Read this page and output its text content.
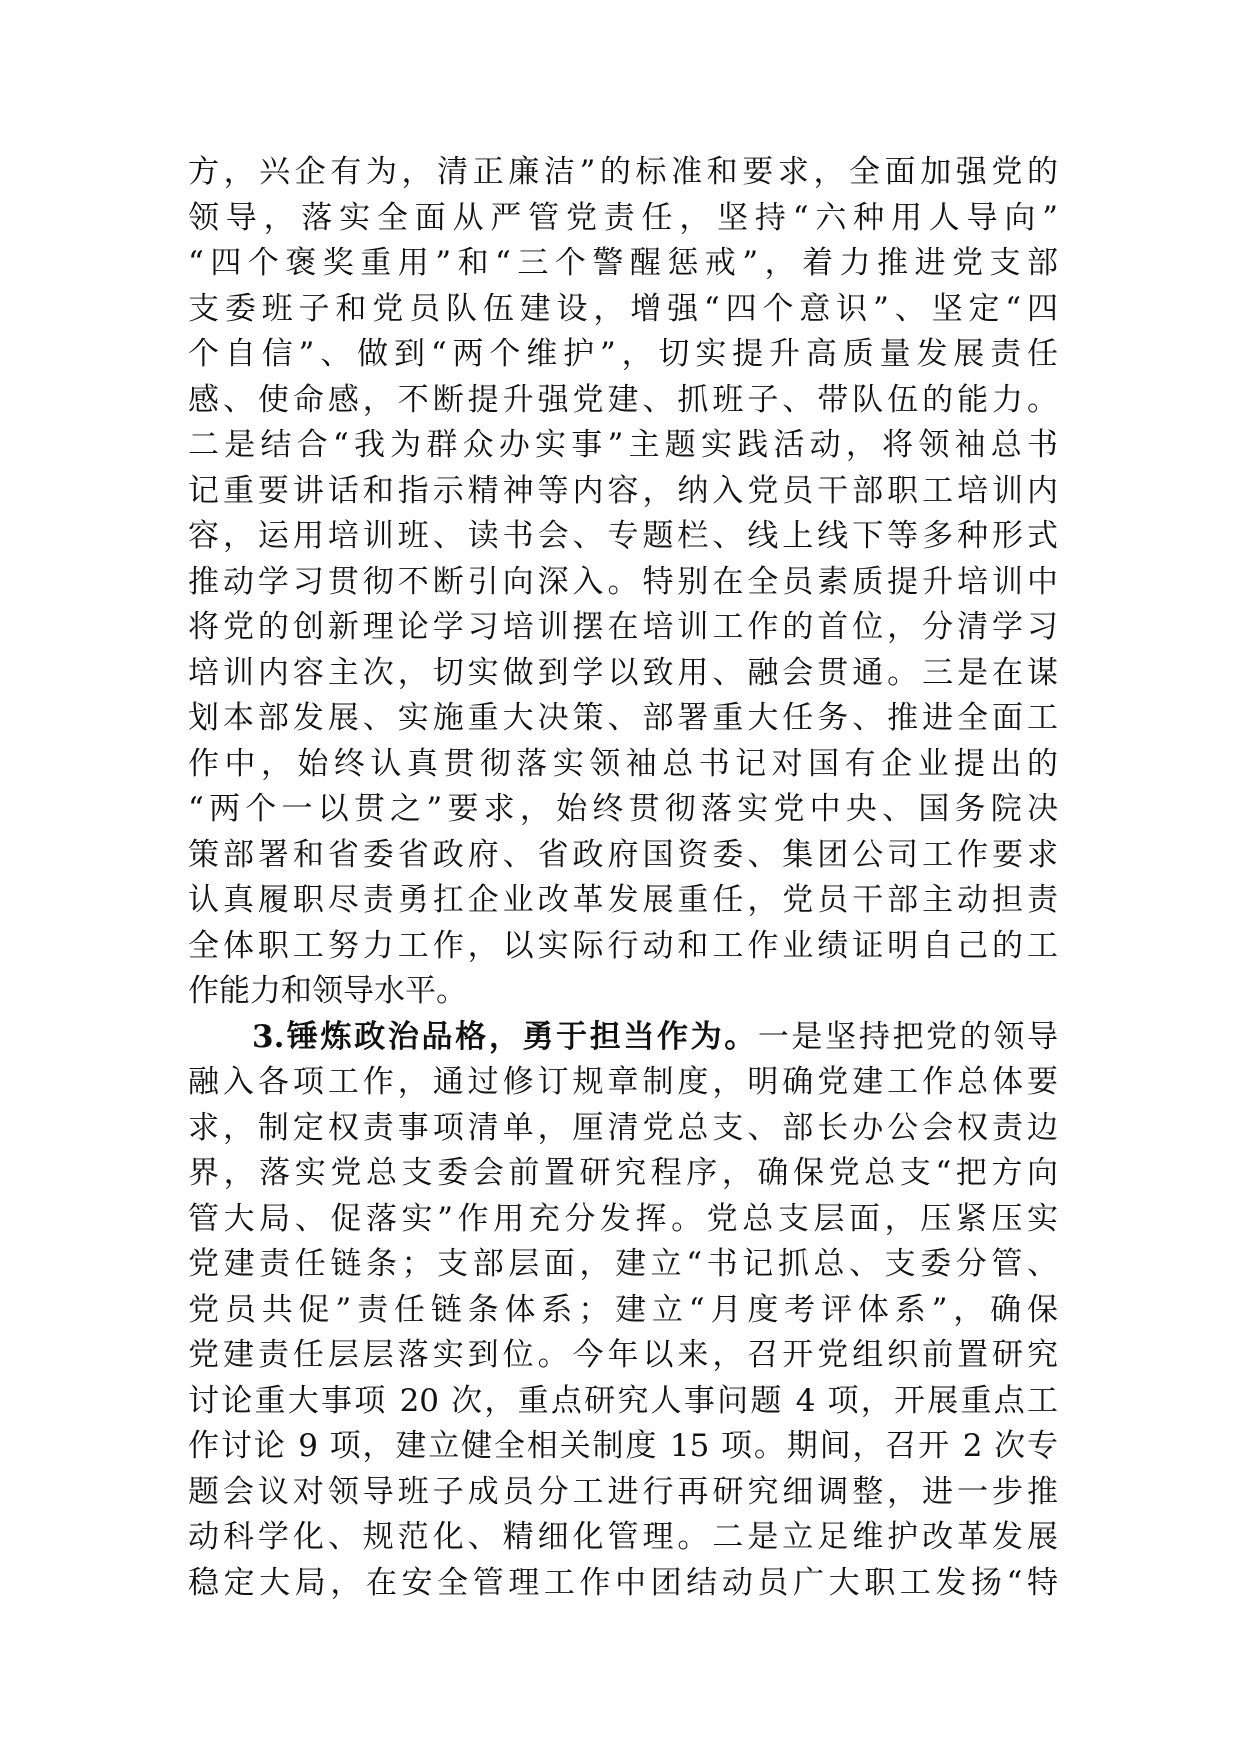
方，兴企有为，清正廉洁”的标准和要求，全面加强党的
领导，落实全面从严管党责任，坚持“六种用人导向”
“四个褒奖重用”和“三个警醒惩戒”，着力推进党支部
支委班子和党员队伍建设，增强“四个意识”、坚定“四
个自信”、做到“两个维护”，切实提升高质量发展责任
感、使命感，不断提升强党建、抓班子、带队伍的能力。
二是结合“我为群众办实事”主题实践活动，将领袖总书
记重要讲话和指示精神等内容，纳入党员干部职工培训内
容，运用培训班、读书会、专题栏、线上线下等多种形式
推动学习贯彻不断引向深入。特别在全员素质提升培训中
将党的创新理论学习培训摆在培训工作的首位，分清学习
培训内容主次，切实做到学以致用、融会贯通。三是在谋
划本部发展、实施重大决策、部署重大任务、推进全面工
作中，始终认真贯彻落实领袖总书记对国有企业提出的
“两个一以贯之”要求，始终贯彻落实党中央、国务院决
策部署和省委省政府、省政府国资委、集团公司工作要求
认真履职尽责勇扛企业改革发展重任，党员干部主动担责
全体职工努力工作，以实际行动和工作业绩证明自己的工
作能力和领导水平。
3.锤炼政治品格，勇于担当作为。一是坚持把党的领导
融入各项工作，通过修订规章制度，明确党建工作总体要
求，制定权责事项清单，厘清党总支、部长办公会权责边
界，落实党总支委会前置研究程序，确保党总支“把方向
管大局、促落实”作用充分发挥。党总支层面，压紧压实
党建责任链条；支部层面，建立“书记抓总、支委分管、
党员共促”责任链条体系；建立“月度考评体系”，确保
党建责任层层落实到位。今年以来，召开党组织前置研究
讨论重大事项 20 次，重点研究人事问题 4 项，开展重点工
作讨论 9 项，建立健全相关制度 15 项。期间，召开 2 次专
题会议对领导班子成员分工进行再研究细调整，进一步推
动科学化、规范化、精细化管理。二是立足维护改革发展
稳定大局，在安全管理工作中团结动员广大职工发扬“特
